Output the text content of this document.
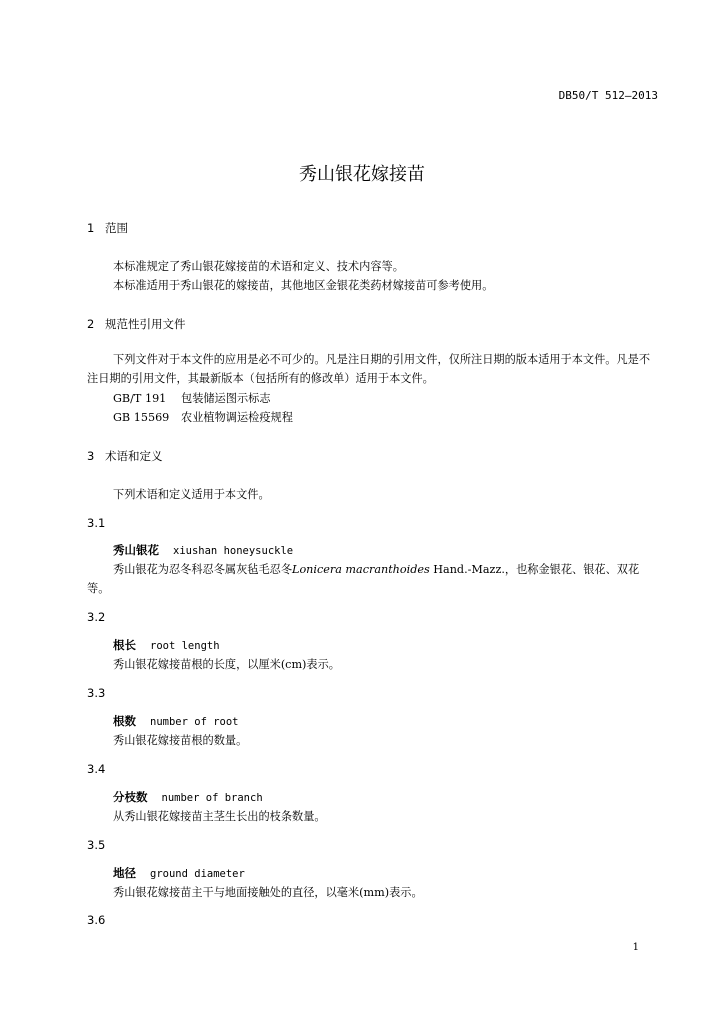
DB50/T 512—2013
秀山银花嫁接苗
1 范围
本标准规定了秀山银花嫁接苗的术语和定义、技术内容等。
本标准适用于秀山银花的嫁接苗，其他地区金银花类药材嫁接苗可参考使用。
2 规范性引用文件
下列文件对于本文件的应用是必不可少的。凡是注日期的引用文件，仅所注日期的版本适用于本文件。凡是不注日期的引用文件，其最新版本（包括所有的修改单）适用于本文件。
GB/T 191 包装储运图示标志
GB 15569 农业植物调运检疫规程
3 术语和定义
下列术语和定义适用于本文件。
3.1
秀山银花 xiushan honeysuckle
秀山银花为忍冬科忍冬属灰毡毛忍冬Lonicera macranthoides Hand.-Mazz.，也称金银花、银花、双花等。
3.2
根长 root length
秀山银花嫁接苗根的长度，以厘米(cm)表示。
3.3
根数 number of root
秀山银花嫁接苗根的数量。
3.4
分枝数 number of branch
从秀山银花嫁接苗主茎生长出的枝条数量。
3.5
地径 ground diameter
秀山银花嫁接苗主干与地面接触处的直径，以毫米(mm)表示。
3.6
1
